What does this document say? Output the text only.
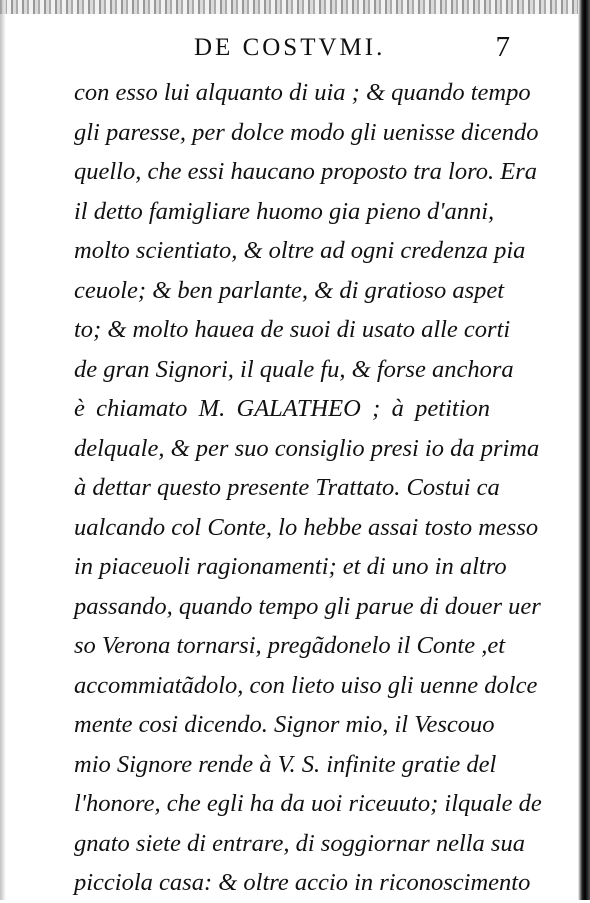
DE COSTVMI.	7
con esso lui alquanto di uia ; & quando tempo
gli paresse, per dolce modo gli uenisse dicendo
quello, che essi haucano proposto tra loro. Era
il detto famigliare huomo gia pieno d'anni,
molto scientiato, & oltre ad ogni credenza pia
ceuole; & ben parlante, & di gratioso aspet
to; & molto hauea de suoi di usato alle corti
de gran Signori, il quale fu, & forse anchora
è chiamato M. GALATHEO ; à petition
delquale, & per suo consiglio presi io da prima
à dettar questo presente Trattato. Costui ca
ualcando col Conte, lo hebbe assai tosto messo
in piaceuoli ragionamenti; et di uno in altro
passando, quando tempo gli parue di douer uer
so Verona tornarsi, pregãdonelo il Conte ,et
accommiatãdolo, con lieto uiso gli uenne dolce
mente cosi dicendo. Signor mio, il Vescouo
mio Signore rende à V. S. infinite gratie del
l'honore, che egli ha da uoi riceuuto; ilquale de
gnato siete di entrare, di soggiornar nella sua
picciola casa: & oltre accio in riconoscimento
